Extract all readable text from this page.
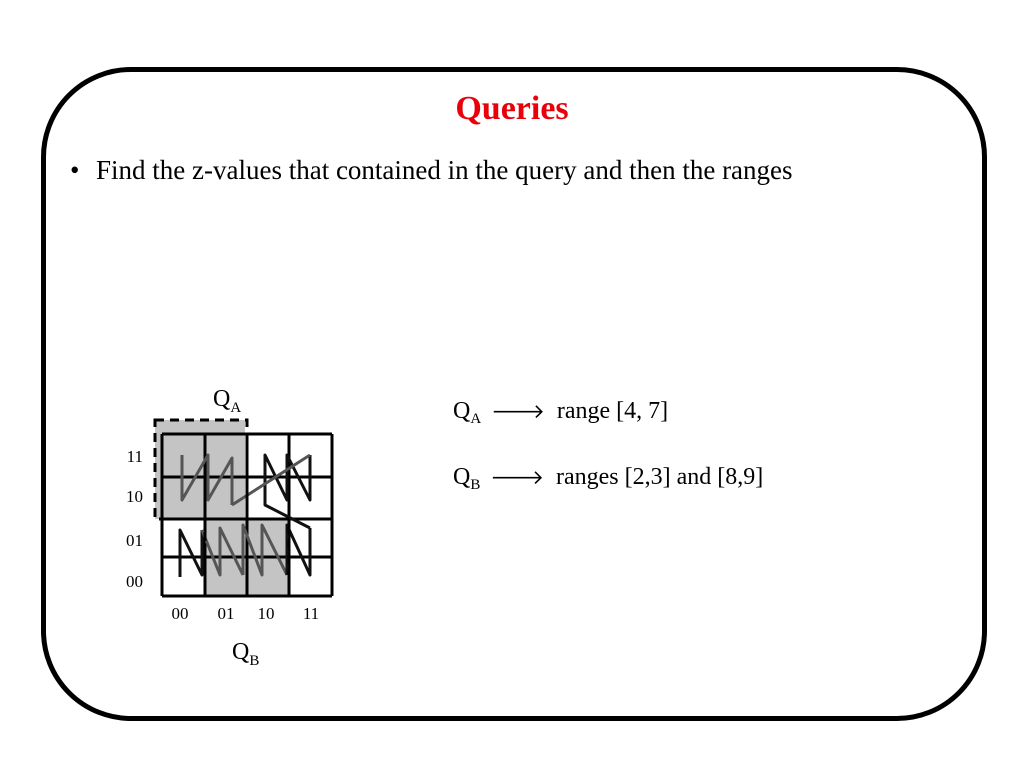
Queries
• Find the z-values that contained in the query and then the ranges
11
10
01
00
00 01 10 11
$Q_A$
$Q_B$
$Q_A$ 🡒 range [4, 7]
$Q_B$ 🡒 ranges [2,3] and [8,9]
